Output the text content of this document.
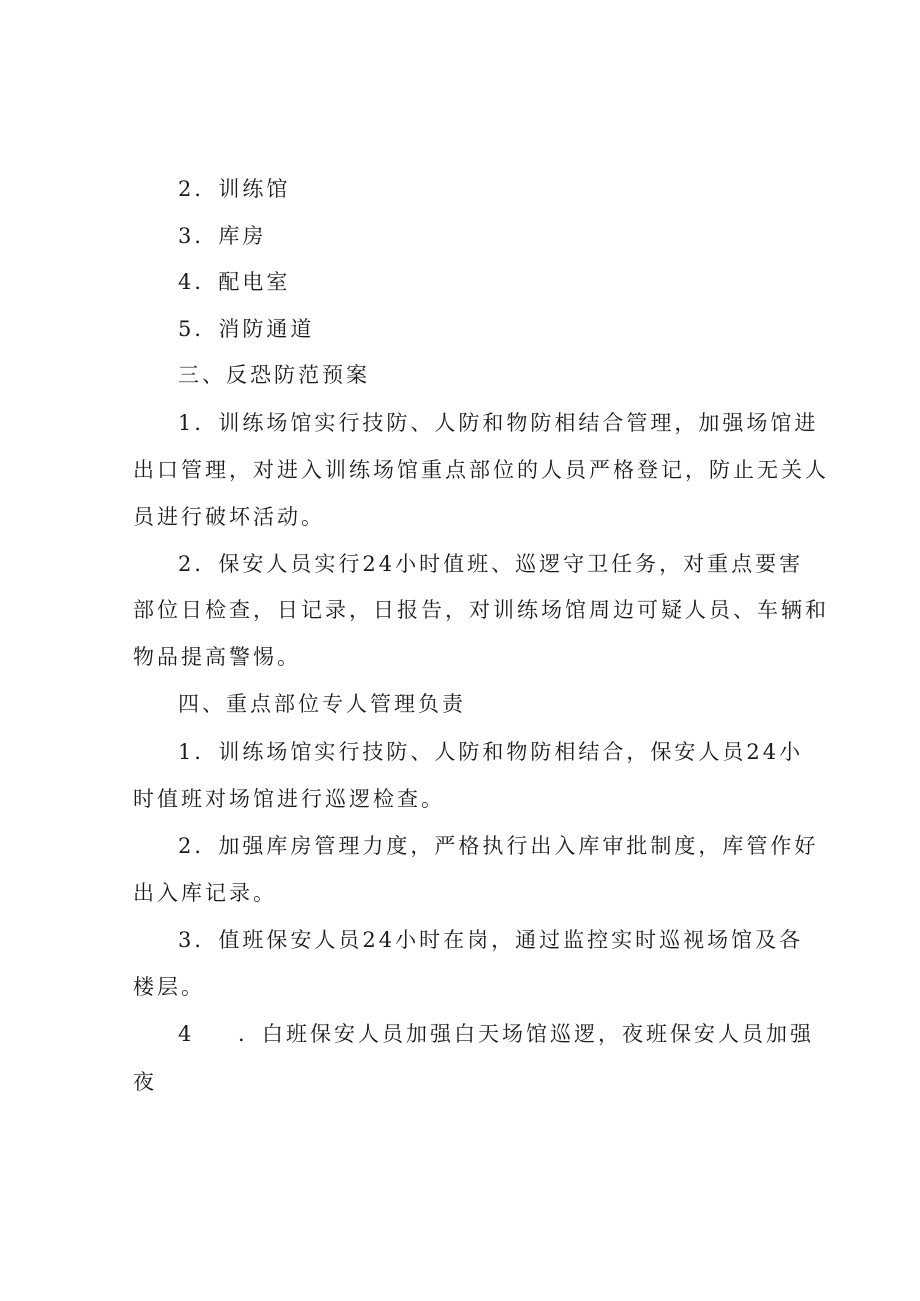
2．训练馆
3．库房
4．配电室
5．消防通道
三、反恐防范预案
1．训练场馆实行技防、人防和物防相结合管理，加强场馆进
出口管理，对进入训练场馆重点部位的人员严格登记，防止无关人
员进行破坏活动。
2．保安人员实行24小时值班、巡逻守卫任务，对重点要害
部位日检查，日记录，日报告，对训练场馆周边可疑人员、车辆和
物品提高警惕。
四、重点部位专人管理负责
1．训练场馆实行技防、人防和物防相结合，保安人员24小
时值班对场馆进行巡逻检查。
2．加强库房管理力度，严格执行出入库审批制度，库管作好
出入库记录。
3．值班保安人员24小时在岗，通过监控实时巡视场馆及各
楼层。
4	．白班保安人员加强白天场馆巡逻，夜班保安人员加强
夜
